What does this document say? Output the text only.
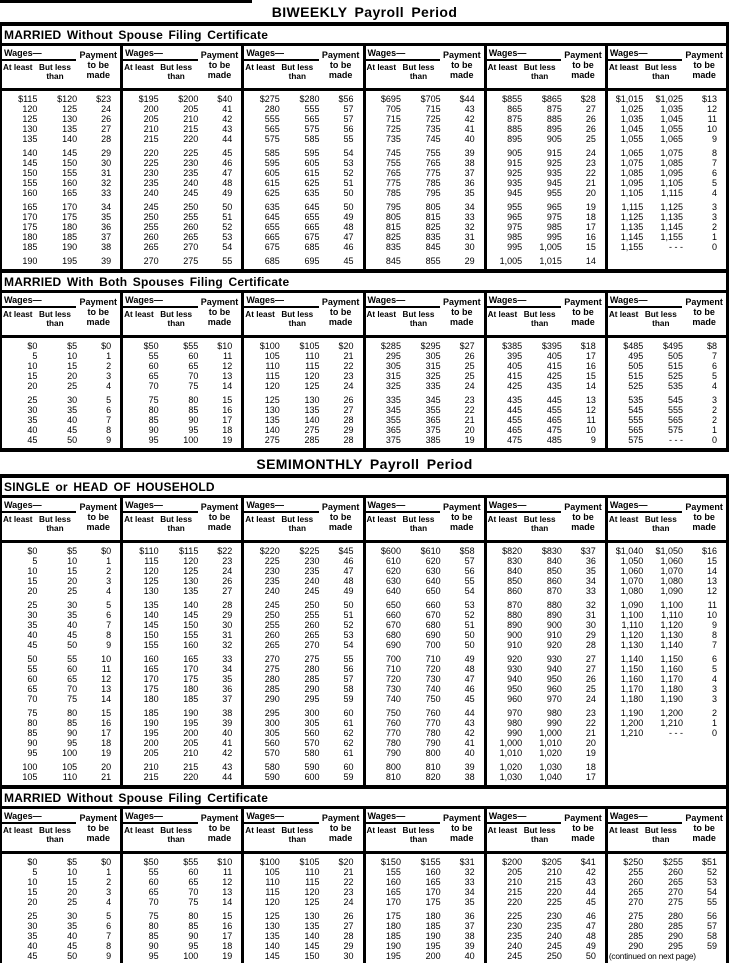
BIWEEKLY Payroll Period
MARRIED Without Spouse Filing Certificate
Wages—
At least But less than
Payment
to be
made
$115	$120	$23
120	125	24
125	130	26
130	135	27
135	140	28
140	145	29
145	150	30
150	155	31
155	160	32
160	165	33
165	170	34
170	175	35
175	180	36
180	185	37
185	190	38
190	195	39
Wages—
At least But less than
Payment
to be
made
$195	$200	$40
200	205	41
205	210	42
210	215	43
215	220	44
220	225	45
225	230	46
230	235	47
235	240	48
240	245	49
245	250	50
250	255	51
255	260	52
260	265	53
265	270	54
270	275	55
Wages—
At least But less than
Payment
to be
made
$275	$280	$56
280	555	57
555	565	57
565	575	56
575	585	55
585	595	54
595	605	53
605	615	52
615	625	51
625	635	50
635	645	50
645	655	49
655	665	48
665	675	47
675	685	46
685	695	45
Wages—
At least But less than
Payment
to be
made
$695	$705	$44
705	715	43
715	725	42
725	735	41
735	745	40
745	755	39
755	765	38
765	775	37
775	785	36
785	795	35
795	805	34
805	815	33
815	825	32
825	835	31
835	845	30
845	855	29
Wages—
At least But less than
Payment
to be
made
$855	$865	$28
865	875	27
875	885	26
885	895	26
895	905	25
905	915	24
915	925	23
925	935	22
935	945	21
945	955	20
955	965	19
965	975	18
975	985	17
985	995	16
995	1,005	15
1,005	1,015	14
Wages—
At least But less than
Payment
to be
made
$1,015	$1,025	$13
1,025	1,035	12
1,035	1,045	11
1,045	1,055	10
1,055	1,065	9
1,065	1,075	8
1,075	1,085	7
1,085	1,095	6
1,095	1,105	5
1,105	1,115	4
1,115	1,125	3
1,125	1,135	3
1,135	1,145	2
1,145	1,155	1
1,155	- - -	0
MARRIED With Both Spouses Filing Certificate
Wages—
At least But less than
Payment
to be
made
$0	$5	$0
5	10	1
10	15	2
15	20	3
20	25	4
25	30	5
30	35	6
35	40	7
40	45	8
45	50	9
Wages—
At least But less than
Payment
to be
made
$50	$55	$10
55	60	11
60	65	12
65	70	13
70	75	14
75	80	15
80	85	16
85	90	17
90	95	18
95	100	19
Wages—
At least But less than
Payment
to be
made
$100	$105	$20
105	110	21
110	115	22
115	120	23
120	125	24
125	130	26
130	135	27
135	140	28
140	275	29
275	285	28
Wages—
At least But less than
Payment
to be
made
$285	$295	$27
295	305	26
305	315	25
315	325	25
325	335	24
335	345	23
345	355	22
355	365	21
365	375	20
375	385	19
Wages—
At least But less than
Payment
to be
made
$385	$395	$18
395	405	17
405	415	16
415	425	15
425	435	14
435	445	13
445	455	12
455	465	11
465	475	10
475	485	9
Wages—
At least But less than
Payment
to be
made
$485	$495	$8
495	505	7
505	515	6
515	525	5
525	535	4
535	545	3
545	555	2
555	565	2
565	575	1
575	- - -	0
SEMIMONTHLY Payroll Period
SINGLE or HEAD OF HOUSEHOLD
Wages—
At least But less than
Payment
to be
made
$0	$5	$0
5	10	1
10	15	2
15	20	3
20	25	4
25	30	5
30	35	6
35	40	7
40	45	8
45	50	9
50	55	10
55	60	11
60	65	12
65	70	13
70	75	14
75	80	15
80	85	16
85	90	17
90	95	18
95	100	19
100	105	20
105	110	21
Wages—
At least But less than
Payment
to be
made
$110	$115	$22
115	120	23
120	125	24
125	130	26
130	135	27
135	140	28
140	145	29
145	150	30
150	155	31
155	160	32
160	165	33
165	170	34
170	175	35
175	180	36
180	185	37
185	190	38
190	195	39
195	200	40
200	205	41
205	210	42
210	215	43
215	220	44
Wages—
At least But less than
Payment
to be
made
$220	$225	$45
225	230	46
230	235	47
235	240	48
240	245	49
245	250	50
250	255	51
255	260	52
260	265	53
265	270	54
270	275	55
275	280	56
280	285	57
285	290	58
290	295	59
295	300	60
300	305	61
305	560	62
560	570	62
570	580	61
580	590	60
590	600	59
Wages—
At least But less than
Payment
to be
made
$600	$610	$58
610	620	57
620	630	56
630	640	55
640	650	54
650	660	53
660	670	52
670	680	51
680	690	50
690	700	50
700	710	49
710	720	48
720	730	47
730	740	46
740	750	45
750	760	44
760	770	43
770	780	42
780	790	41
790	800	40
800	810	39
810	820	38
Wages—
At least But less than
Payment
to be
made
$820	$830	$37
830	840	36
840	850	35
850	860	34
860	870	33
870	880	32
880	890	31
890	900	30
900	910	29
910	920	28
920	930	27
930	940	27
940	950	26
950	960	25
960	970	24
970	980	23
980	990	22
990	1,000	21
1,000	1,010	20
1,010	1,020	19
1,020	1,030	18
1,030	1,040	17
Wages—
At least But less than
Payment
to be
made
$1,040	$1,050	$16
1,050	1,060	15
1,060	1,070	14
1,070	1,080	13
1,080	1,090	12
1,090	1,100	11
1,100	1,110	10
1,110	1,120	9
1,120	1,130	8
1,130	1,140	7
1,140	1,150	6
1,150	1,160	5
1,160	1,170	4
1,170	1,180	3
1,180	1,190	3
1,190	1,200	2
1,200	1,210	1
1,210	- - -	0
MARRIED Without Spouse Filing Certificate
Wages—
At least But less than
Payment
to be
made
$0	$5	$0
5	10	1
10	15	2
15	20	3
20	25	4
25	30	5
30	35	6
35	40	7
40	45	8
45	50	9
Wages—
At least But less than
Payment
to be
made
$50	$55	$10
55	60	11
60	65	12
65	70	13
70	75	14
75	80	15
80	85	16
85	90	17
90	95	18
95	100	19
Wages—
At least But less than
Payment
to be
made
$100	$105	$20
105	110	21
110	115	22
115	120	23
120	125	24
125	130	26
130	135	27
135	140	28
140	145	29
145	150	30
Wages—
At least But less than
Payment
to be
made
$150	$155	$31
155	160	32
160	165	33
165	170	34
170	175	35
175	180	36
180	185	37
185	190	38
190	195	39
195	200	40
Wages—
At least But less than
Payment
to be
made
$200	$205	$41
205	210	42
210	215	43
215	220	44
220	225	45
225	230	46
230	235	47
235	240	48
240	245	49
245	250	50
Wages—
At least But less than
Payment
to be
made
$250	$255	$51
255	260	52
260	265	53
265	270	54
270	275	55
275	280	56
280	285	57
285	290	58
290	295	59
(continued on next page)
